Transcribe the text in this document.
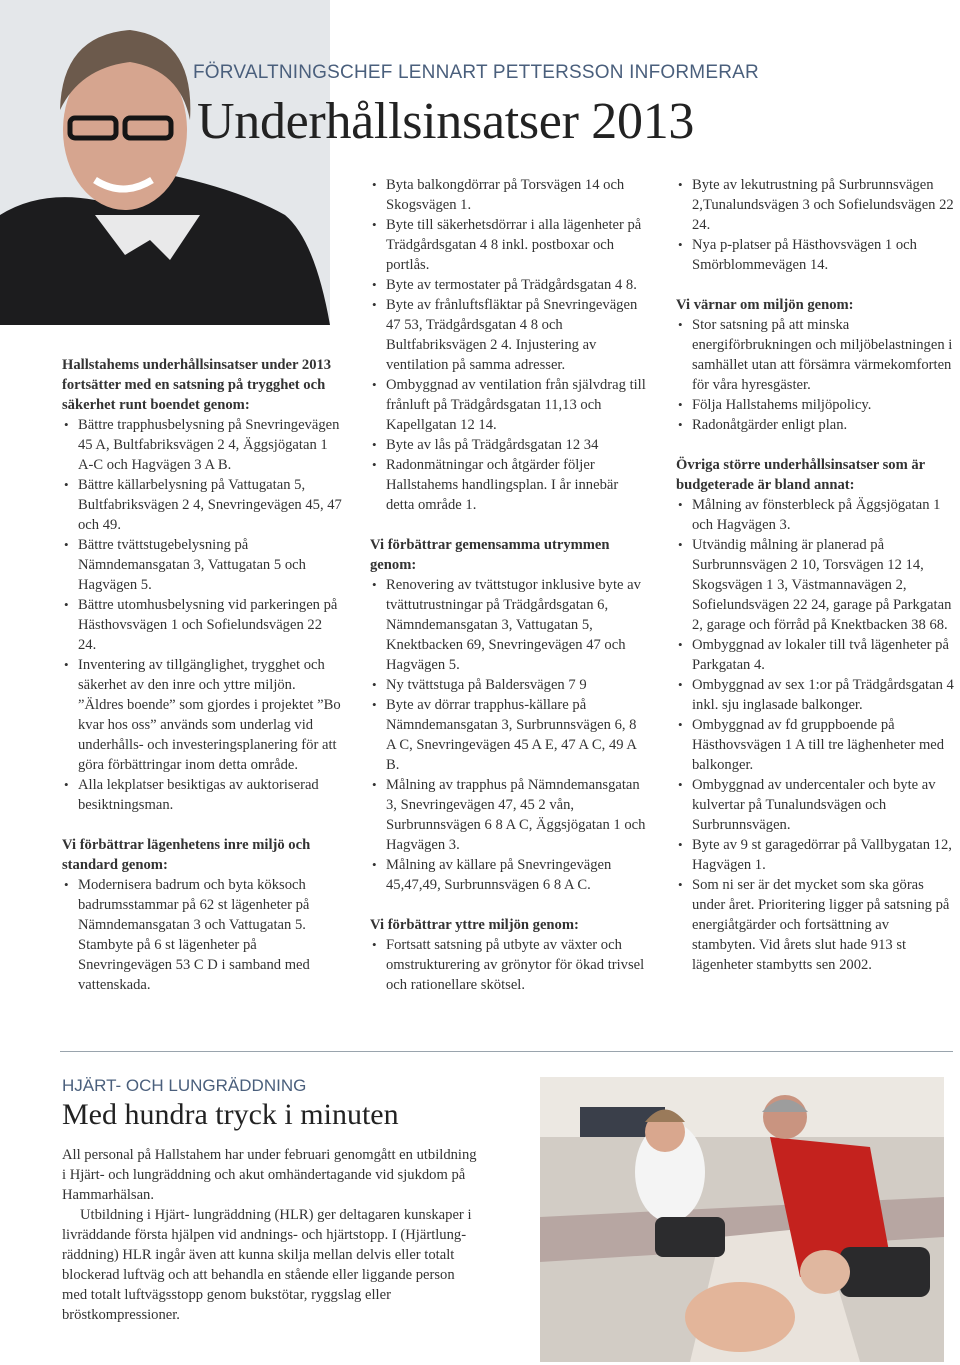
FÖRVALTNINGSCHEF LENNART PETTERSSON INFORMERAR
Underhållsinsatser 2013

Hallstahems underhållsinsatser under 2013 fortsätter med en satsning på trygghet och säkerhet runt boendet genom:

• Bättre trapphusbelysning på Snevringevägen 45 A, Bultfabriksvägen 2 4, Äggsjögatan 1 A-C och Hagvägen 3 A B.
• Bättre källarbelysning på Vattugatan 5, Bultfabriksvägen 2 4, Snevringevägen 45, 47 och 49.
• Bättre tvättstugebelysning på Nämndemansgatan 3, Vattugatan 5 och Hagvägen 5.
• Bättre utomhusbelysning vid parkeringen på Hästhovsvägen 1 och Sofielundsvägen 22 24.
• Inventering av tillgänglighet, trygghet och säkerhet av den inre och yttre miljön. ”Äldres boende” som gjordes i projektet ”Bo kvar hos oss” används som underlag vid underhålls- och investeringsplanering för att göra förbättringar inom detta område.
• Alla lekplatser besiktigas av auktoriserad besiktningsman.

Vi förbättrar lägenhetens inre miljö och standard genom:

• Modernisera badrum och byta köksoch badrumsstammar på 62 st lägenheter på Nämndemansgatan 3 och Vattugatan 5. Stambyte på 6 st lägenheter på Snevringevägen 53 C D i samband med vattenskada.
• Byta balkongdörrar på Torsvägen 14 och Skogsvägen 1.
• Byte till säkerhetsdörrar i alla lägenheter på Trädgårdsgatan 4 8 inkl. postboxar och portlås.
• Byte av termostater på Trädgårdsgatan 4 8.
• Byte av frånluftsfläktar på Snevringevägen 47 53, Trädgårdsgatan 4 8 och Bultfabriksvägen 2 4. Injustering av ventilation på samma adresser.
• Ombyggnad av ventilation från självdrag till frånluft på Trädgårdsgatan 11,13 och Kapellgatan 12 14.
• Byte av lås på Trädgårdsgatan 12 34
• Radonmätningar och åtgärder följer Hallstahems handlingsplan. I år innebär detta område 1.

Vi förbättrar gemensamma utrymmen genom:

• Renovering av tvättstugor inklusive byte av tvättutrustningar på Trädgårdsgatan 6, Nämndemansgatan 3, Vattugatan 5, Knektbacken 69, Snevringevägen 47 och Hagvägen 5.
• Ny tvättstuga på Baldersvägen 7 9
• Byte av dörrar trapphus-källare på Nämndemansgatan 3, Surbrunnsvägen 6, 8 A C, Snevringevägen 45 A E, 47 A C, 49 A B.
• Målning av trapphus på Nämndemansgatan 3, Snevringevägen 47, 45 2 vån, Surbrunnsvägen 6 8 A C, Äggsjögatan 1 och Hagvägen 3.
• Målning av källare på Snevringevägen 45,47,49, Surbrunnsvägen 6 8 A C.

Vi förbättrar yttre miljön genom:

• Fortsatt satsning på utbyte av växter och omstrukturering av grönytor för ökad trivsel och rationellare skötsel.
• Byte av lekutrustning på Surbrunnsvägen 2,Tunalundsvägen 3 och Sofielundsvägen 22 24.
• Nya p-platser på Hästhovsvägen 1 och Smörblommevägen 14.

Vi värnar om miljön genom:

• Stor satsning på att minska energiförbrukningen och miljöbelastningen i samhället utan att försämra värmekomforten för våra hyresgäster.
• Följa Hallstahems miljöpolicy.
• Radonåtgärder enligt plan.

Övriga större underhållsinsatser som är budgeterade är bland annat:

• Målning av fönsterbleck på Äggsjögatan 1 och Hagvägen 3.
• Utvändig målning är planerad på Surbrunnsvägen 2 10, Torsvägen 12 14, Skogsvägen 1 3, Västmannavägen 2, Sofielundsvägen 22 24, garage på Parkgatan 2, garage och förråd på Knektbacken 38 68.
• Ombyggnad av lokaler till två lägenheter på Parkgatan 4.
• Ombyggnad av sex 1:or på Trädgårdsgatan 4 inkl. sju inglasade balkonger.
• Ombyggnad av fd gruppboende på Hästhovsvägen 1 A till tre läghenheter med balkonger.
• Ombyggnad av undercentaler och byte av kulvertar på Tunalundsvägen och Surbrunnsvägen.
• Byte av 9 st garagedörrar på Vallbygatan 12, Hagvägen 1.
• Som ni ser är det mycket som ska göras under året. Prioritering ligger på satsning på energiåtgärder och fortsättning av stambyten. Vid årets slut hade 913 st lägenheter stambytts sen 2002.
HJÄRT- OCH LUNGRÄDDNING
Med hundra tryck i minuten

All personal på Hallstahem har under februari genomgått en utbildning i Hjärt- och lungräddning och akut omhändertagande vid sjukdom på Hammarhälsan.

Utbildning i Hjärt- lungräddning (HLR) ger deltagaren kunskaper i livräddande första hjälpen vid andnings- och hjärtstopp. I (Hjärtlung-räddning) HLR ingår även att kunna skilja mellan delvis eller totalt blockerad luftväg och att behandla en stående eller liggande person med totalt luftvägsstopp genom bukstötar, ryggslag eller bröstkompressioner.
